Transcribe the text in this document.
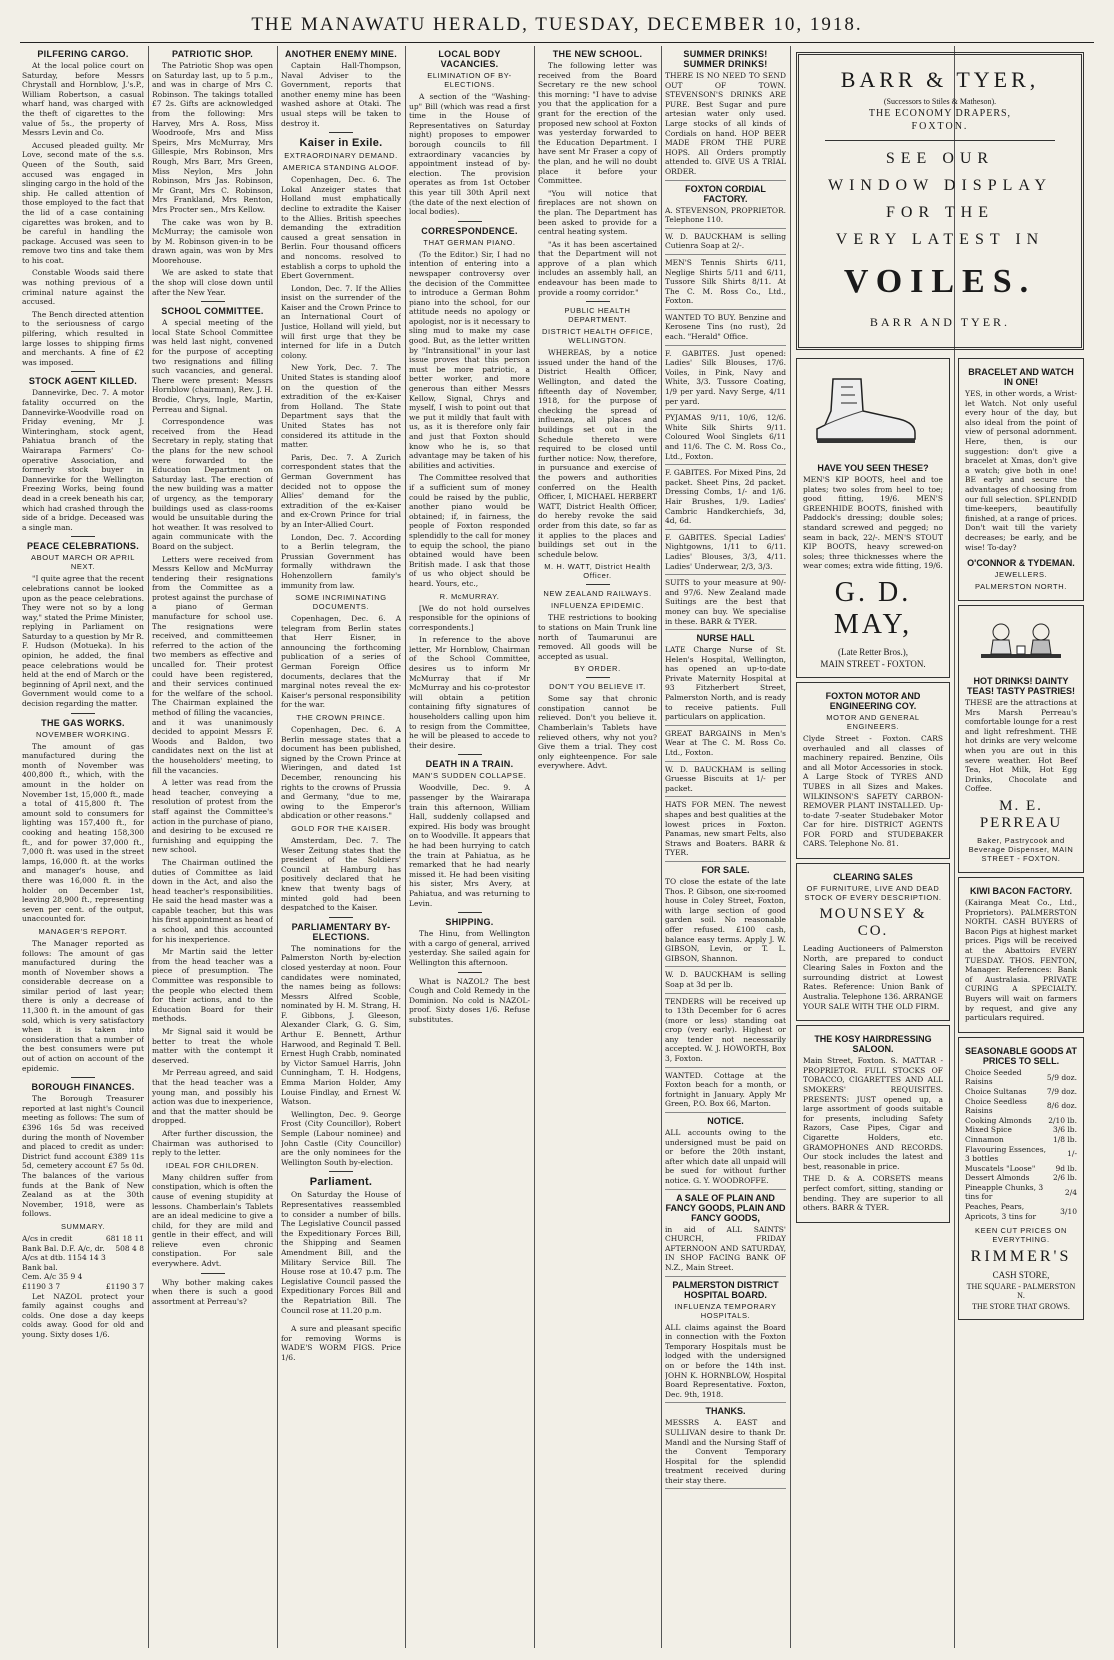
THE MANAWATU HERALD, TUESDAY, DECEMBER 10, 1918.
PILFERING CARGO.
At the local police court on Saturday, before Messrs Chrystall and Hornblow, J.'s.P., William Robertson, a casual wharf hand, was charged with the theft of cigarettes to the value of 5s., the property of Messrs Levin and Co.
Accused pleaded guilty. Mr Love, second mate of the s.s. Queen of the South, said accused was engaged in slinging cargo in the hold of the ship. He called attention of those employed to the fact that the lid of a case containing cigarettes was broken, and to be careful in handling the package. Accused was seen to remove two tins and take them to his coat.
Constable Woods said there was nothing previous of a criminal nature against the accused.
The Bench directed attention to the seriousness of cargo pilfering, which resulted in large losses to shipping firms and merchants. A fine of £2 was imposed.
STOCK AGENT KILLED.
Dannevirke, Dec. 7. A motor fatality occurred on the Dannevirke-Woodville road on Friday evening, Mr J. Winteringham, stock agent, Pahiatua branch of the Wairarapa Farmers' Co-operative Association, and formerly stock buyer in Dannevirke for the Wellington Freezing Works, being found dead in a creek beneath his car, which had crashed through the side of a bridge. Deceased was a single man.
PEACE CELEBRATIONS.
ABOUT MARCH OR APRIL NEXT.
"I quite agree that the recent celebrations cannot be looked upon as the peace celebrations. They were not so by a long way," stated the Prime Minister, replying in Parliament on Saturday to a question by Mr R. F. Hudson (Motueka). In his opinion, he added, the final peace celebrations would be held at the end of March or the beginning of April next, and the Government would come to a decision regarding the matter.
THE GAS WORKS.
NOVEMBER WORKING.
The amount of gas manufactured during the month of November was 400,800 ft., which, with the amount in the holder on November 1st, 15,000 ft., made a total of 415,800 ft. The amount sold to consumers for lighting was 157,400 ft., for cooking and heating 158,300 ft., and for power 37,000 ft., 7,000 ft. was used in the street lamps, 16,000 ft. at the works and manager's house, and there was 16,000 ft. in the holder on December 1st, leaving 28,900 ft., representing seven per cent. of the output, unaccounted for.
MANAGER'S REPORT.
The Manager reported as follows: The amount of gas manufactured during the month of November shows a considerable decrease on a similar period of last year; there is only a decrease of 11,300 ft. in the amount of gas sold, which is very satisfactory when it is taken into consideration that a number of the best consumers were put out of action on account of the epidemic.
BOROUGH FINANCES.
The Borough Treasurer reported at last night's Council meeting as follows: The sum of £396 16s 5d was received during the month of November and placed to credit as under: District fund account £389 11s 5d, cemetery account £7 5s 0d. The balances of the various funds at the Bank of New Zealand as at the 30th November, 1918, were as follows.
SUMMARY.
A/cs in credit	681 18 11
Bank Bal. D.F. A/c, dr.	508 4 8
A/cs at dtb. 1154 14 3	
Bank bal.	
Cem. A/c 35 9 4	
£1190 3 7	£1190 3 7
Let NAZOL protect your family against coughs and colds. One dose a day keeps colds away. Good for old and young. Sixty doses 1/6.
PATRIOTIC SHOP.
The Patriotic Shop was open on Saturday last, up to 5 p.m., and was in charge of Mrs C. Robinson. The takings totalled £7 2s. Gifts are acknowledged from the following: Mrs Harvey, Mrs A. Ross, Miss Woodroofe, Mrs and Miss Speirs, Mrs McMurray, Mrs Gillespie, Mrs Robinson, Mrs Rough, Mrs Barr, Mrs Green, Miss Neylon, Mrs John Robinson, Mrs Jas. Robinson, Mr Grant, Mrs C. Robinson, Mrs Frankland, Mrs Renton, Mrs Procter sen., Mrs Kellow.
The cake was won by B. McMurray; the camisole won by M. Robinson given-in to be drawn again, was won by Mrs Moorehouse.
We are asked to state that the shop will close down until after the New Year.
SCHOOL COMMITTEE.
A special meeting of the local State School Committee was held last night, convened for the purpose of accepting two resignations and filling such vacancies, and general. There were present: Messrs Hornblow (chairman), Rev. J. H. Brodie, Chrys, Ingle, Martin, Perreau and Signal.
Correspondence was received from the Head Secretary in reply, stating that the plans for the new school were forwarded to the Education Department on Saturday last. The erection of the new building was a matter of urgency, as the temporary buildings used as class-rooms would be unsuitable during the hot weather. It was resolved to again communicate with the Board on the subject.
Letters were received from Messrs Kellow and McMurray tendering their resignations from the Committee as a protest against the purchase of a piano of German manufacture for school use. The resignations were received, and committeemen referred to the action of the two members as effective and uncalled for. Their protest could have been registered, and their services continued for the welfare of the school. The Chairman explained the method of filling the vacancies, and it was unanimously decided to appoint Messrs F. Woods and Baldon, two candidates next on the list at the householders' meeting, to fill the vacancies.
A letter was read from the head teacher, conveying a resolution of protest from the staff against the Committee's action in the purchase of piano, and desiring to be excused re furnishing and equipping the new school.
The Chairman outlined the duties of Committee as laid down in the Act, and also the head teacher's responsibilities. He said the head master was a capable teacher, but this was his first appointment as head of a school, and this accounted for his inexperience.
Mr Martin said the letter from the head teacher was a piece of presumption. The Committee was responsible to the people who elected them for their actions, and to the Education Board for their methods.
Mr Signal said it would be better to treat the whole matter with the contempt it deserved.
Mr Perreau agreed, and said that the head teacher was a young man, and possibly his action was due to inexperience, and that the matter should be dropped.
After further discussion, the Chairman was authorised to reply to the letter.
IDEAL FOR CHILDREN.
Many children suffer from constipation, which is often the cause of evening stupidity at lessons. Chamberlain's Tablets are an ideal medicine to give a child, for they are mild and gentle in their effect, and will relieve even chronic constipation. For sale everywhere. Advt.
Why bother making cakes when there is such a good assortment at Perreau's?
ANOTHER ENEMY MINE.
Captain Hall-Thompson, Naval Adviser to the Government, reports that another enemy mine has been washed ashore at Otaki. The usual steps will be taken to destroy it.
Kaiser in Exile.
EXTRAORDINARY DEMAND.
AMERICA STANDING ALOOF.
Copenhagen, Dec. 6. The Lokal Anzeiger states that Holland must emphatically decline to extradite the Kaiser to the Allies. British speeches demanding the extradition caused a great sensation in Berlin. Four thousand officers and noncoms. resolved to establish a corps to uphold the Ebert Government.
London, Dec. 7. If the Allies insist on the surrender of the Kaiser and the Crown Prince to an International Court of Justice, Holland will yield, but will first urge that they be interned for life in a Dutch colony.
New York, Dec. 7. The United States is standing aloof on the question of the extradition of the ex-Kaiser from Holland. The State Department says that the United States has not considered its attitude in the matter.
Paris, Dec. 7. A Zurich correspondent states that the German Government has decided not to oppose the Allies' demand for the extradition of the ex-Kaiser and ex-Crown Prince for trial by an Inter-Allied Court.
London, Dec. 7. According to a Berlin telegram, the Prussian Government has formally withdrawn the Hohenzollern family's immunity from law.
SOME INCRIMINATING DOCUMENTS.
Copenhagen, Dec. 6. A telegram from Berlin states that Herr Eisner, in announcing the forthcoming publication of a series of German Foreign Office documents, declares that the marginal notes reveal the ex-Kaiser's personal responsibility for the war.
THE CROWN PRINCE.
Copenhagen, Dec. 6. A Berlin message states that a document has been published, signed by the Crown Prince at Wieringen, and dated 1st December, renouncing his rights to the crowns of Prussia and Germany, "due to me, owing to the Emperor's abdication or other reasons."
GOLD FOR THE KAISER.
Amsterdam, Dec. 7. The Weser Zeitung states that the president of the Soldiers' Council at Hamburg has positively declared that he knew that twenty bags of minted gold had been despatched to the Kaiser.
PARLIAMENTARY BY-ELECTIONS.
The nominations for the Palmerston North by-election closed yesterday at noon. Four candidates were nominated, the names being as follows: Messrs Alfred Scoble, nominated by H. M. Strang, H. F. Gibbons, J. Gleeson, Alexander Clark, G. G. Sim, Arthur E. Bennett, Arthur Harwood, and Reginald T. Bell. Ernest Hugh Crabb, nominated by Victor Samuel Harris, John Cunningham, T. H. Hodgens, Emma Marion Holder, Amy Louise Findlay, and Ernest W. Watson.
Wellington, Dec. 9. George Frost (City Councillor), Robert Semple (Labour nominee) and John Castle (City Councillor) are the only nominees for the Wellington South by-election.
Parliament.
On Saturday the House of Representatives reassembled to consider a number of bills. The Legislative Council passed the Expeditionary Forces Bill, the Shipping and Seamen Amendment Bill, and the Military Service Bill. The House rose at 10.47 p.m. The Legislative Council passed the Expeditionary Forces Bill and the Repatriation Bill. The Council rose at 11.20 p.m.
A sure and pleasant specific for removing Worms is WADE'S WORM FIGS. Price 1/6.
LOCAL BODY VACANCIES.
ELIMINATION OF BY-ELECTIONS.
A section of the "Washing-up" Bill (which was read a first time in the House of Representatives on Saturday night) proposes to empower borough councils to fill extraordinary vacancies by appointment instead of by-election. The provision operates as from 1st October this year till 30th April next (the date of the next election of local bodies).
CORRESPONDENCE.
THAT GERMAN PIANO.
(To the Editor.) Sir, I had no intention of entering into a newspaper controversy over the decision of the Committee to introduce a German Bohm piano into the school, for our attitude needs no apology or apologist, nor is it necessary to sling mud to make my case good. But, as the letter written by "Intransitional" in your last issue proves that this person must be more patriotic, a better worker, and more generous than either Messrs Kellow, Signal, Chrys and myself, I wish to point out that we put it mildly that fault with us, as it is therefore only fair and just that Foxton should know who he is, so that advantage may be taken of his abilities and activities.
The Committee resolved that if a sufficient sum of money could be raised by the public, another piano would be obtained; if, in fairness, the people of Foxton responded splendidly to the call for money to equip the school, the piano obtained would have been British made. I ask that those of us who object should be heard. Yours, etc.,
R. McMURRAY.
[We do not hold ourselves responsible for the opinions of correspondents.]
In reference to the above letter, Mr Hornblow, Chairman of the School Committee, desires us to inform Mr McMurray that if Mr McMurray and his co-protestor will obtain a petition containing fifty signatures of householders calling upon him to resign from the Committee, he will be pleased to accede to their desire.
DEATH IN A TRAIN.
MAN'S SUDDEN COLLAPSE.
Woodville, Dec. 9. A passenger by the Wairarapa train this afternoon, William Hall, suddenly collapsed and expired. His body was brought on to Woodville. It appears that he had been hurrying to catch the train at Pahiatua, as he remarked that he had nearly missed it. He had been visiting his sister, Mrs Avery, at Pahiatua, and was returning to Levin.
SHIPPING.
The Hinu, from Wellington with a cargo of general, arrived yesterday. She sailed again for Wellington this afternoon.
What is NAZOL? The best Cough and Cold Remedy in the Dominion. No cold is NAZOL-proof. Sixty doses 1/6. Refuse substitutes.
THE NEW SCHOOL.
The following letter was received from the Board Secretary re the new school this morning: "I have to advise you that the application for a grant for the erection of the proposed new school at Foxton was yesterday forwarded to the Education Department. I have sent Mr Fraser a copy of the plan, and he will no doubt place it before your Committee.
"You will notice that fireplaces are not shown on the plan. The Department has been asked to provide for a central heating system.
"As it has been ascertained that the Department will not approve of a plan which includes an assembly hall, an endeavour has been made to provide a roomy corridor."
PUBLIC HEALTH DEPARTMENT.
DISTRICT HEALTH OFFICE, WELLINGTON.
WHEREAS, by a notice issued under the hand of the District Health Officer, Wellington, and dated the fifteenth day of November, 1918, for the purpose of checking the spread of influenza, all places and buildings set out in the Schedule thereto were required to be closed until further notice: Now, therefore, in pursuance and exercise of the powers and authorities conferred on the Health Officer, I, MICHAEL HERBERT WATT, District Health Officer, do hereby revoke the said order from this date, so far as it applies to the places and buildings set out in the schedule below.
M. H. WATT, District Health Officer.
NEW ZEALAND RAILWAYS.
INFLUENZA EPIDEMIC.
THE restrictions to booking to stations on Main Trunk line north of Taumarunui are removed. All goods will be accepted as usual.
BY ORDER.
DON'T YOU BELIEVE IT.
Some say that chronic constipation cannot be relieved. Don't you believe it. Chamberlain's Tablets have relieved others, why not you? Give them a trial. They cost only eighteenpence. For sale everywhere. Advt.
SUMMER DRINKS! SUMMER DRINKS!
THERE IS NO NEED TO SEND OUT OF TOWN. STEVENSON'S DRINKS ARE PURE. Best Sugar and pure artesian water only used. Large stocks of all kinds of Cordials on hand. HOP BEER MADE FROM THE PURE HOPS. All Orders promptly attended to. GIVE US A TRIAL ORDER.
FOXTON CORDIAL FACTORY.
A. STEVENSON, PROPRIETOR. Telephone 110.
W. D. BAUCKHAM is selling Cutienra Soap at 2/-.
MEN'S Tennis Shirts 6/11, Neglige Shirts 5/11 and 6/11, Tussore Silk Shirts 8/11. At The C. M. Ross Co., Ltd., Foxton.
WANTED TO BUY. Benzine and Kerosene Tins (no rust), 2d each. "Herald" Office.
F. GABITES. Just opened: Ladies' Silk Blouses, 17/6. Voiles, in Pink, Navy and White, 3/3. Tussore Coating, 1/9 per yard. Navy Serge, 4/11 per yard.
PYJAMAS 9/11, 10/6, 12/6. White Silk Shirts 9/11. Coloured Wool Singlets 6/11 and 11/6. The C. M. Ross Co., Ltd., Foxton.
F. GABITES. For Mixed Pins, 2d packet. Sheet Pins, 2d packet. Dressing Combs, 1/- and 1/6. Hair Brushes, 1/9. Ladies' Cambric Handkerchiefs, 3d, 4d, 6d.
F. GABITES. Special Ladies' Nightgowns, 1/11 to 6/11. Ladies' Blouses, 3/3, 4/11. Ladies' Underwear, 2/3, 3/3.
SUITS to your measure at 90/- and 97/6. New Zealand made Suitings are the best that money can buy. We specialise in these. BARR & TYER.
NURSE HALL
LATE Charge Nurse of St. Helen's Hospital, Wellington, has opened an up-to-date Private Maternity Hospital at 93 Fitzherbert Street, Palmerston North, and is ready to receive patients. Full particulars on application.
GREAT BARGAINS in Men's Wear at The C. M. Ross Co. Ltd., Foxton.
W. D. BAUCKHAM is selling Gruesse Biscuits at 1/- per packet.
HATS FOR MEN. The newest shapes and best qualities at the lowest prices in Foxton. Panamas, new smart Felts, also Straws and Boaters. BARR & TYER.
FOR SALE.
TO close the estate of the late Thos. P. Gibson, one six-roomed house in Coley Street, Foxton, with large section of good garden soil. No reasonable offer refused. £100 cash, balance easy terms. Apply J. W. GIBSON, Levin, or T. L. GIBSON, Shannon.
W. D. BAUCKHAM is selling Soap at 3d per lb.
TENDERS will be received up to 13th December for 6 acres (more or less) standing oat crop (very early). Highest or any tender not necessarily accepted. W. J. HOWORTH, Box 3, Foxton.
WANTED. Cottage at the Foxton beach for a month, or fortnight in January. Apply Mr Green, P.O. Box 66, Marton.
NOTICE.
ALL accounts owing to the undersigned must be paid on or before the 20th instant, after which date all unpaid will be sued for without further notice. G. Y. WOODROFFE.
A SALE OF PLAIN AND FANCY GOODS, PLAIN AND FANCY GOODS,
in aid of ALL SAINTS' CHURCH, FRIDAY AFTERNOON AND SATURDAY, IN SHOP FACING BANK OF N.Z., Main Street.
PALMERSTON DISTRICT HOSPITAL BOARD.
INFLUENZA TEMPORARY HOSPITALS.
ALL claims against the Board in connection with the Foxton Temporary Hospitals must be lodged with the undersigned on or before the 14th inst. JOHN K. HORNBLOW, Hospital Board Representative. Foxton, Dec. 9th, 1918.
THANKS.
MESSRS A. EAST and SULLIVAN desire to thank Dr. Mandl and the Nursing Staff of the Convent Temporary Hospital for the splendid treatment received during their stay there.
BARR & TYER,
(Successors to Stiles & Matheson).
THE ECONOMY DRAPERS,
FOXTON.
SEE OUR
WINDOW DISPLAY
FOR THE
VERY LATEST IN
VOILES.
BARR AND TYER.
HAVE YOU SEEN THESE?
MEN'S KIP BOOTS, heel and toe plates; two soles from heel to toe; good fitting, 19/6. MEN'S GREENHIDE BOOTS, finished with Paddock's dressing; double soles; standard screwed and pegged; no seam in back, 22/-. MEN'S STOUT KIP BOOTS, heavy screwed-on soles; three thicknesses where the wear comes; extra wide fitting, 19/6.
G. D. MAY,
(Late Retter Bros.),
MAIN STREET - FOXTON.
FOXTON MOTOR AND ENGINEERING COY.
MOTOR AND GENERAL ENGINEERS.
Clyde Street - Foxton. CARS overhauled and all classes of machinery repaired. Benzine, Oils and all Motor Accessories in stock. A Large Stock of TYRES AND TUBES in all Sizes and Makes. WILKINSON'S SAFETY CARBON-REMOVER PLANT INSTALLED. Up-to-date 7-seater Studebaker Motor Car for hire. DISTRICT AGENTS FOR FORD and STUDEBAKER CARS. Telephone No. 81.
CLEARING SALES
OF FURNITURE, LIVE AND DEAD STOCK OF EVERY DESCRIPTION.
MOUNSEY & CO.
Leading Auctioneers of Palmerston North, are prepared to conduct Clearing Sales in Foxton and the surrounding district at Lowest Rates. Reference: Union Bank of Australia. Telephone 136. ARRANGE YOUR SALE WITH THE OLD FIRM.
THE KOSY HAIRDRESSING SALOON.
Main Street, Foxton. S. MATTAR - PROPRIETOR. FULL STOCKS OF TOBACCO, CIGARETTES AND ALL SMOKERS' REQUISITES. PRESENTS: JUST opened up, a large assortment of goods suitable for presents, including Safety Razors, Case Pipes, Cigar and Cigarette Holders, etc. GRAMOPHONES AND RECORDS. Our stock includes the latest and best, reasonable in price.
THE D. & A. CORSETS means perfect comfort, sitting, standing or bending. They are superior to all others. BARR & TYER.
BRACELET AND WATCH IN ONE!
YES, in other words, a Wrist-let Watch. Not only useful every hour of the day, but also ideal from the point of view of personal adornment. Here, then, is our suggestion: don't give a bracelet at Xmas, don't give a watch; give both in one! BE early and secure the advantages of choosing from our full selection. SPLENDID time-keepers, beautifully finished, at a range of prices. Don't wait till the variety decreases; be early, and be wise! To-day?
O'CONNOR & TYDEMAN.
JEWELLERS.
PALMERSTON NORTH.
HOT DRINKS! DAINTY TEAS! TASTY PASTRIES!
THESE are the attractions at Mrs Marsh Perreau's comfortable lounge for a rest and light refreshment. THE hot drinks are very welcome when you are out in this severe weather. Hot Beef Tea, Hot Milk, Hot Egg Drinks, Chocolate and Coffee.
M. E. PERREAU
Baker, Pastrycook and Beverage Dispenser, MAIN STREET - FOXTON.
KIWI BACON FACTORY.
(Kairanga Meat Co., Ltd., Proprietors). PALMERSTON NORTH. CASH BUYERS of Bacon Pigs at highest market prices. Pigs will be received at the Abattoirs EVERY TUESDAY. THOS. FENTON, Manager. References: Bank of Australasia. PRIVATE CURING A SPECIALTY. Buyers will wait on farmers by request, and give any particulars required.
SEASONABLE GOODS AT PRICES TO SELL.
Choice Seeded Raisins	5/9 doz.
Choice Sultanas	7/9 doz.
Choice Seedless Raisins	8/6 doz.
Cooking Almonds	2/10 lb.
Mixed Spice	3/6 lb.
Cinnamon	1/8 lb.
Flavouring Essences, 3 bottles	1/-
Muscatels "Loose"	9d lb.
Dessert Almonds	2/6 lb.
Pineapple Chunks, 3 tins for	2/4
Peaches, Pears, Apricots, 3 tins for	3/10
KEEN CUT PRICES ON EVERYTHING.
RIMMER'S
CASH STORE,
THE SQUARE - PALMERSTON N.
THE STORE THAT GROWS.
